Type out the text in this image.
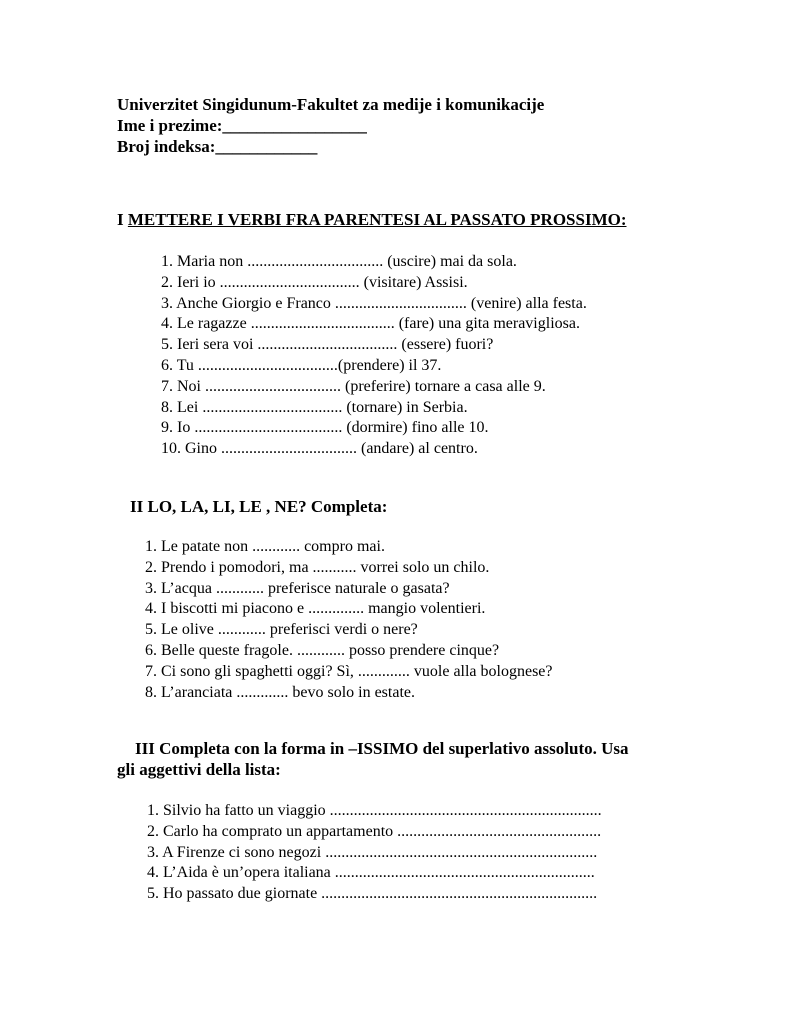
Univerzitet Singidunum-Fakultet za medije i komunikacije
Ime i prezime:_________________
Broj indeksa:____________
I METTERE I VERBI FRA PARENTESI AL PASSATO PROSSIMO:
1. Maria non .................................. (uscire) mai da sola.
2. Ieri io ................................... (visitare) Assisi.
3. Anche Giorgio e Franco ................................. (venire) alla festa.
4. Le ragazze .................................... (fare) una gita meravigliosa.
5. Ieri sera voi ................................... (essere) fuori?
6. Tu ...................................(prendere) il 37.
7. Noi .................................. (preferire) tornare a casa alle 9.
8. Lei ................................... (tornare) in Serbia.
9. Io ..................................... (dormire) fino alle 10.
10. Gino .................................. (andare) al centro.
II LO, LA, LI, LE , NE? Completa:
1. Le patate non ............ compro mai.
2. Prendo i pomodori, ma ........... vorrei solo un chilo.
3. L’acqua ............ preferisce naturale o gasata?
4. I biscotti mi piacono e .............. mangio volentieri.
5. Le olive ............ preferisci verdi o nere?
6. Belle queste fragole. ............ posso prendere cinque?
7. Ci sono gli spaghetti oggi? Sì, ............. vuole alla bolognese?
8. L’aranciata ............. bevo solo in estate.
III Completa con la forma in –ISSIMO del superlativo assoluto. Usa
gli aggettivi della lista:
1. Silvio ha fatto un viaggio ....................................................................
2. Carlo ha comprato un appartamento ...................................................
3. A Firenze ci sono negozi ....................................................................
4. L’Aida è un’opera italiana .................................................................
5. Ho passato due giornate .....................................................................
